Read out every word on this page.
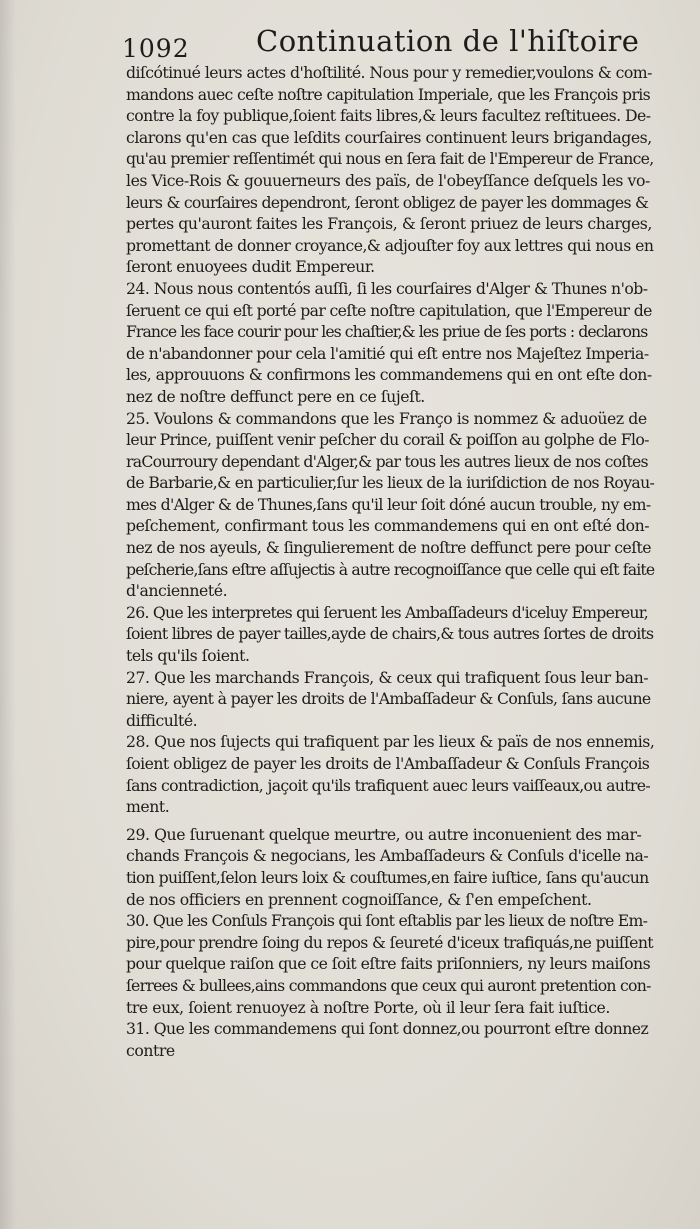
1092 Continuation de l'hiſtoire
diſcótinué leurs actes d'hoſtilité. Nous pour y remedier,voulons & com-
mandons auec ceſte noſtre capitulation Imperiale, que les François pris
contre la foy publique,ſoient faits libres,& leurs facultez reſtituees. De-
clarons qu'en cas que leſdits courſaires continuent leurs brigandages,
qu'au premier reſſentimét qui nous en ſera fait de l'Empereur de France,
les Vice-Rois & gouuerneurs des païs, de l'obeyſſance deſquels les vo-
leurs & courſaires dependront, ſeront obligez de payer les dommages &
pertes qu'auront faites les François, & ſeront priuez de leurs charges,
promettant de donner croyance,& adjouſter foy aux lettres qui nous en
ſeront enuoyees dudit Empereur.
24. Nous nous contentós auſſi, ſi les courſaires d'Alger & Thunes n'ob-
ſeruent ce qui eſt porté par ceſte noſtre capitulation, que l'Empereur de
France les face courir pour les chaſtier,& les priue de ſes ports : declarons
de n'abandonner pour cela l'amitié qui eſt entre nos Majeſtez Imperia-
les, approuuons & confirmons les commandemens qui en ont eſte don-
nez de noſtre deffunct pere en ce ſujeſt.
25. Voulons & commandons que les Franço is nommez & aduoüez de
leur Prince, puiſſent venir peſcher du corail & poiſſon au golphe de Flo-
raCourroury dependant d'Alger,& par tous les autres lieux de nos coſtes
de Barbarie,& en particulier,ſur les lieux de la iuriſdiction de nos Royau-
mes d'Alger & de Thunes,ſans qu'il leur ſoit dóné aucun trouble, ny em-
peſchement, confirmant tous les commandemens qui en ont eſté don-
nez de nos ayeuls, & ſingulierement de noſtre deffunct pere pour ceſte
peſcherie,ſans eſtre aſſujectis à autre recognoiſſance que celle qui eſt faite
d'ancienneté.
26. Que les interpretes qui ſeruent les Ambaſſadeurs d'iceluy Empereur,
ſoient libres de payer tailles,ayde de chairs,& tous autres ſortes de droits
tels qu'ils ſoient.
27. Que les marchands François, & ceux qui trafiquent ſous leur ban-
niere, ayent à payer les droits de l'Ambaſſadeur & Conſuls, ſans aucune
difficulté.
28. Que nos ſujects qui trafiquent par les lieux & païs de nos ennemis,
ſoient obligez de payer les droits de l'Ambaſſadeur & Conſuls François
ſans contradiction, jaçoit qu'ils trafiquent auec leurs vaiſſeaux,ou autre-
ment.
29. Que ſuruenant quelque meurtre, ou autre inconuenient des mar-
chands François & negocians, les Ambaſſadeurs & Conſuls d'icelle na-
tion puiſſent,ſelon leurs loix & couſtumes,en faire iuſtice, ſans qu'aucun
de nos officiers en prennent cognoiſſance, & ſ'en empeſchent.
30. Que les Conſuls François qui ſont eſtablis par les lieux de noſtre Em-
pire,pour prendre ſoing du repos & ſeureté d'iceux trafiquás,ne puiſſent
pour quelque raiſon que ce ſoit eſtre faits priſonniers, ny leurs maiſons
ſerrees & bullees,ains commandons que ceux qui auront pretention con-
tre eux, ſoient renuoyez à noſtre Porte, où il leur ſera fait iuſtice.
31. Que les commandemens qui ſont donnez,ou pourront eſtre donnez
contre
